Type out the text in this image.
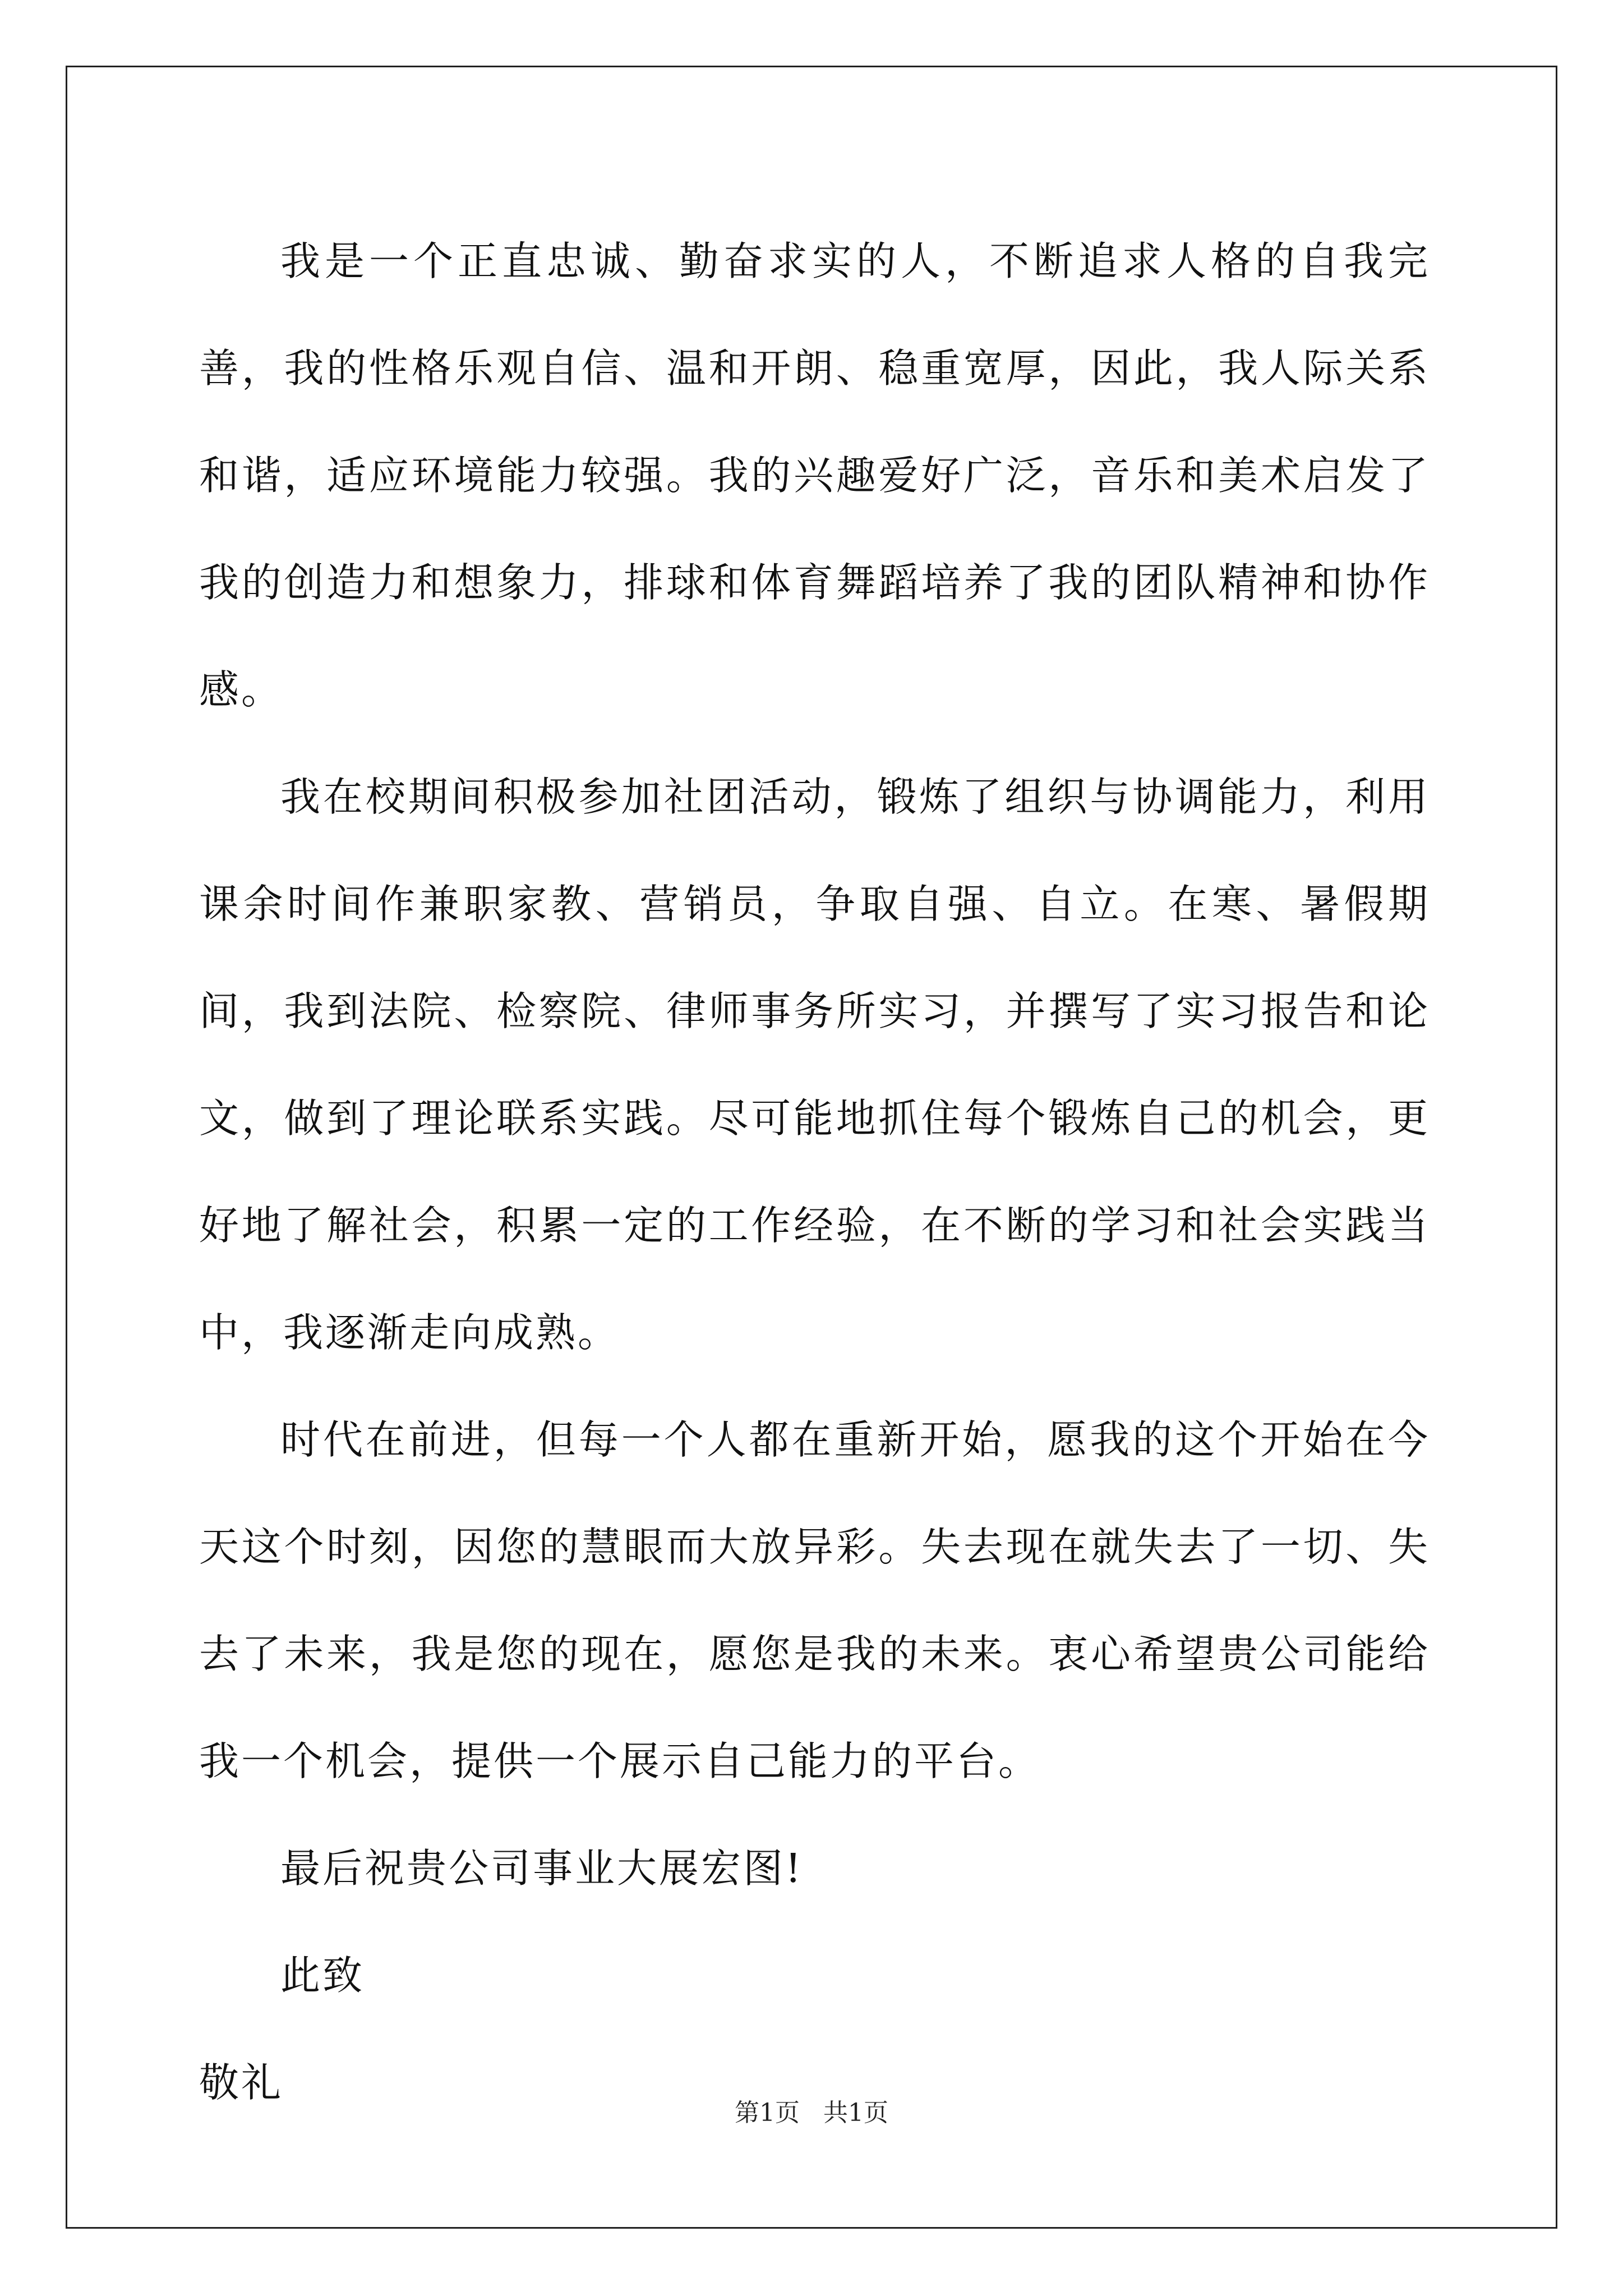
我是一个正直忠诚、勤奋求实的人，不断追求人格的自我完善，我的性格乐观自信、温和开朗、稳重宽厚，因此，我人际关系和谐，适应环境能力较强。我的兴趣爱好广泛，音乐和美术启发了我的创造力和想象力，排球和体育舞蹈培养了我的团队精神和协作感。

我在校期间积极参加社团活动，锻炼了组织与协调能力，利用课余时间作兼职家教、营销员，争取自强、自立。在寒、暑假期间，我到法院、检察院、律师事务所实习，并撰写了实习报告和论文，做到了理论联系实践。尽可能地抓住每个锻炼自己的机会，更好地了解社会，积累一定的工作经验，在不断的学习和社会实践当中，我逐渐走向成熟。

时代在前进，但每一个人都在重新开始，愿我的这个开始在今天这个时刻，因您的慧眼而大放异彩。失去现在就失去了一切、失去了未来，我是您的现在，愿您是我的未来。衷心希望贵公司能给我一个机会，提供一个展示自己能力的平台。

最后祝贵公司事业大展宏图!

此致

敬礼

第1页   共1页
